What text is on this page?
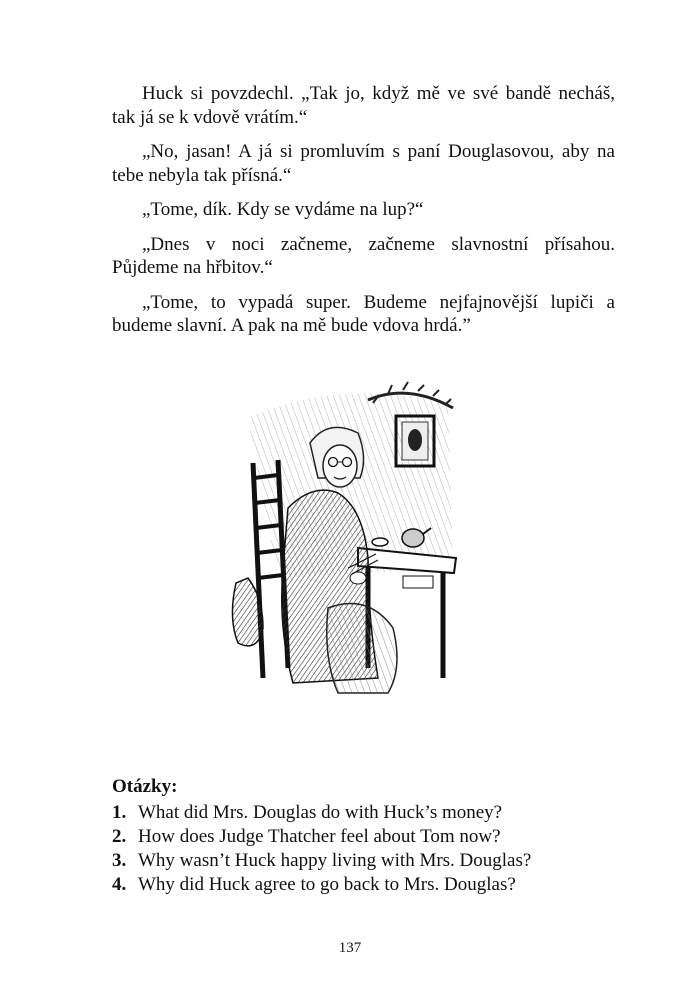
Huck si povzdechl. „Tak jo, když mě ve své bandě necháš, tak já se k vdově vrátím.“

„No, jasan! A já si promluvím s paní Douglasovou, aby na tebe nebyla tak přísná.“

„Tome, dík. Kdy se vydáme na lup?“

„Dnes v noci začneme, začneme slavnostní přísahou. Půjdeme na hřbitov.“

„Tome, to vypadá super. Budeme nejfajnovější lupiči a budeme slavní. A pak na mě bude vdova hrdá.”

Otázky:
1. What did Mrs. Douglas do with Huck’s money?
2. How does Judge Thatcher feel about Tom now?
3. Why wasn’t Huck happy living with Mrs. Douglas?
4. Why did Huck agree to go back to Mrs. Douglas?
137
